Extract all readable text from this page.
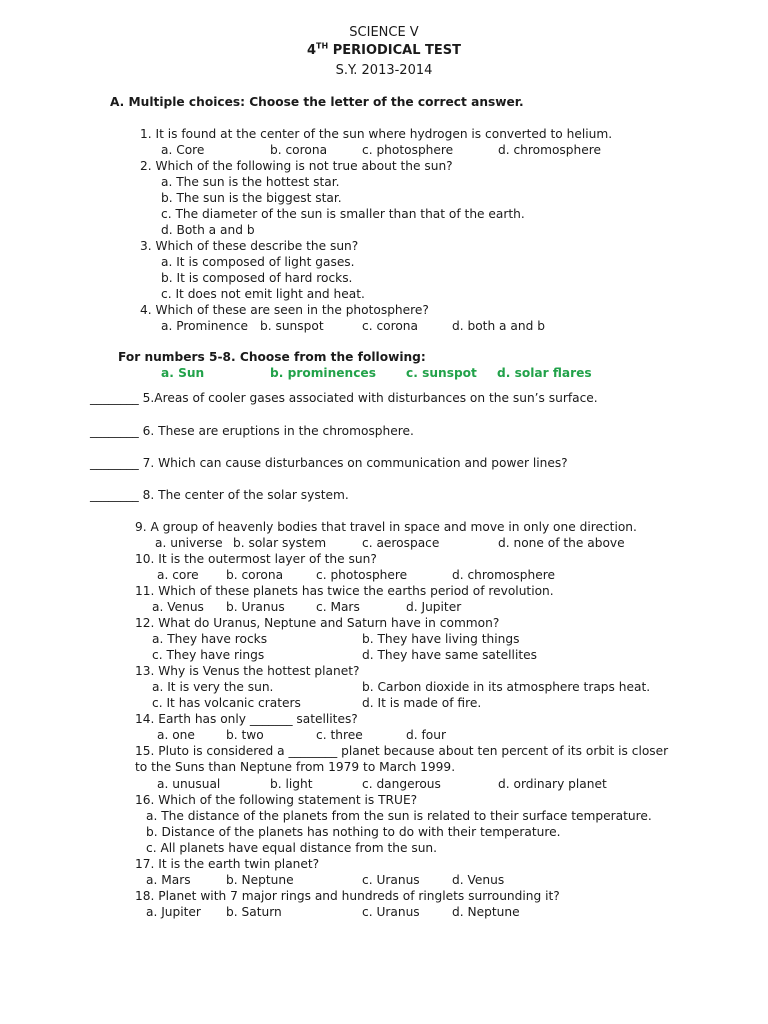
SCIENCE V
4TH PERIODICAL TEST
S.Y. 2013-2014
A. Multiple choices: Choose the letter of the correct answer.
1. It is found at the center of the sun where hydrogen is converted to helium.
a. Core	b. corona	c. photosphere	d. chromosphere
2. Which of the following is not true about the sun?
a. The sun is the hottest star.
b. The sun is the biggest star.
c. The diameter of the sun is smaller than that of the earth.
d. Both a and b
3. Which of these describe the sun?
a. It is composed of light gases.
b. It is composed of hard rocks.
c. It does not emit light and heat.
4. Which of these are seen in the photosphere?
a. Prominence b. sunspot	c. corona	d. both a and b
For numbers 5-8. Choose from the following:
a. Sun	b. prominences c. sunspot d. solar flares
________ 5.Areas of cooler gases associated with disturbances on the sun’s surface.
________ 6. These are eruptions in the chromosphere.
________ 7. Which can cause disturbances on communication and power lines?
________ 8. The center of the solar system.
9. A group of heavenly bodies that travel in space and move in only one direction.
a. universe b. solar system	c. aerospace	d. none of the above
10. It is the outermost layer of the sun?
a. core b. corona	c. photosphere	d. chromosphere
11. Which of these planets has twice the earths period of revolution.
a. Venus b. Uranus	c. Mars	d. Jupiter
12. What do Uranus, Neptune and Saturn have in common?
a. They have rocks	b. They have living things
c. They have rings	d. They have same satellites
13. Why is Venus the hottest planet?
a. It is very the sun.	b. Carbon dioxide in its atmosphere traps heat.
c. It has volcanic craters	d. It is made of fire.
14. Earth has only _______ satellites?
a. one	b. two	c. three	d. four
15. Pluto is considered a ________ planet because about ten percent of its orbit is closer
to the Suns than Neptune from 1979 to March 1999.
a. unusual	b. light	c. dangerous	d. ordinary planet
16. Which of the following statement is TRUE?
a. The distance of the planets from the sun is related to their surface temperature.
b. Distance of the planets has nothing to do with their temperature.
c. All planets have equal distance from the sun.
17. It is the earth twin planet?
a. Mars	b. Neptune	c. Uranus	d. Venus
18. Planet with 7 major rings and hundreds of ringlets surrounding it?
a. Jupiter b. Saturn	c. Uranus	d. Neptune
